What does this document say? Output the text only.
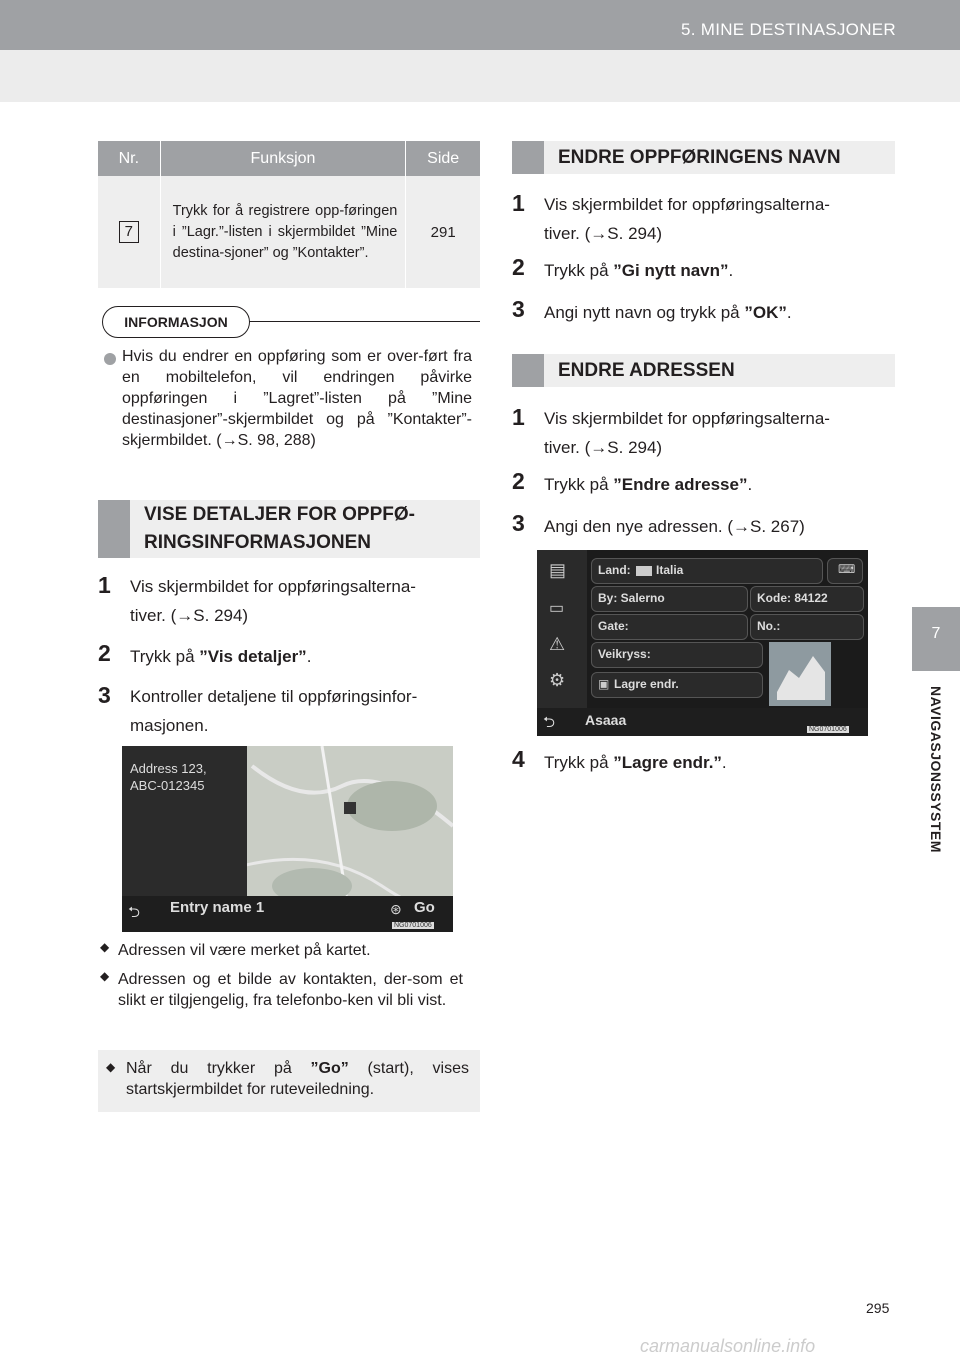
5. MINE DESTINASJONER
7
NAVIGASJONSSYSTEM
Nr.	Funksjon	Side
7	Trykk for å registrere opp-føringen i ”Lagr.”-listen i skjermbildet ”Mine destina-sjoner” og ”Kontakter”.	291
INFORMASJON
Hvis du endrer en oppføring som er over-ført fra en mobiltelefon, vil endringen påvirke oppføringen i ”Lagret”-listen på ”Mine destinasjoner”-skjermbildet og på ”Kontakter”-skjermbildet. (→S. 98, 288)
VISE DETALJER FOR OPPFØ-
RINGSINFORMASJONEN
1 Vis skjermbildet for oppføringsalterna-
tiver. (→S. 294)
2 Trykk på ”Vis detaljer”.
3 Kontroller detaljene til oppføringsinfor-
masjonen.
Address 123,
ABC-012345
⮌ Entry name 1	⊛ Go
NG0701006
◆ Adressen vil være merket på kartet.
◆ Adressen og et bilde av kontakten, der-som et slikt er tilgjengelig, fra telefonbo-ken vil bli vist.
◆ Når du trykker på ”Go” (start), vises startskjermbildet for ruteveiledning.
ENDRE OPPFØRINGENS NAVN
1 Vis skjermbildet for oppføringsalterna-
tiver. (→S. 294)
2 Trykk på ”Gi nytt navn”.
3 Angi nytt navn og trykk på ”OK”.
ENDRE ADRESSEN
1 Vis skjermbildet for oppføringsalterna-
tiver. (→S. 294)
2 Trykk på ”Endre adresse”.
3 Angi den nye adressen. (→S. 267)
▤
▭
⚠
⚙
Land: Italia	⌨
By: Salerno	Kode: 84122
Gate:	No.:
Veikryss:
▣ Lagre endr.
⮌ Asaaa
NG0701006
4 Trykk på ”Lagre endr.”.
295
carmanualsonline.info
